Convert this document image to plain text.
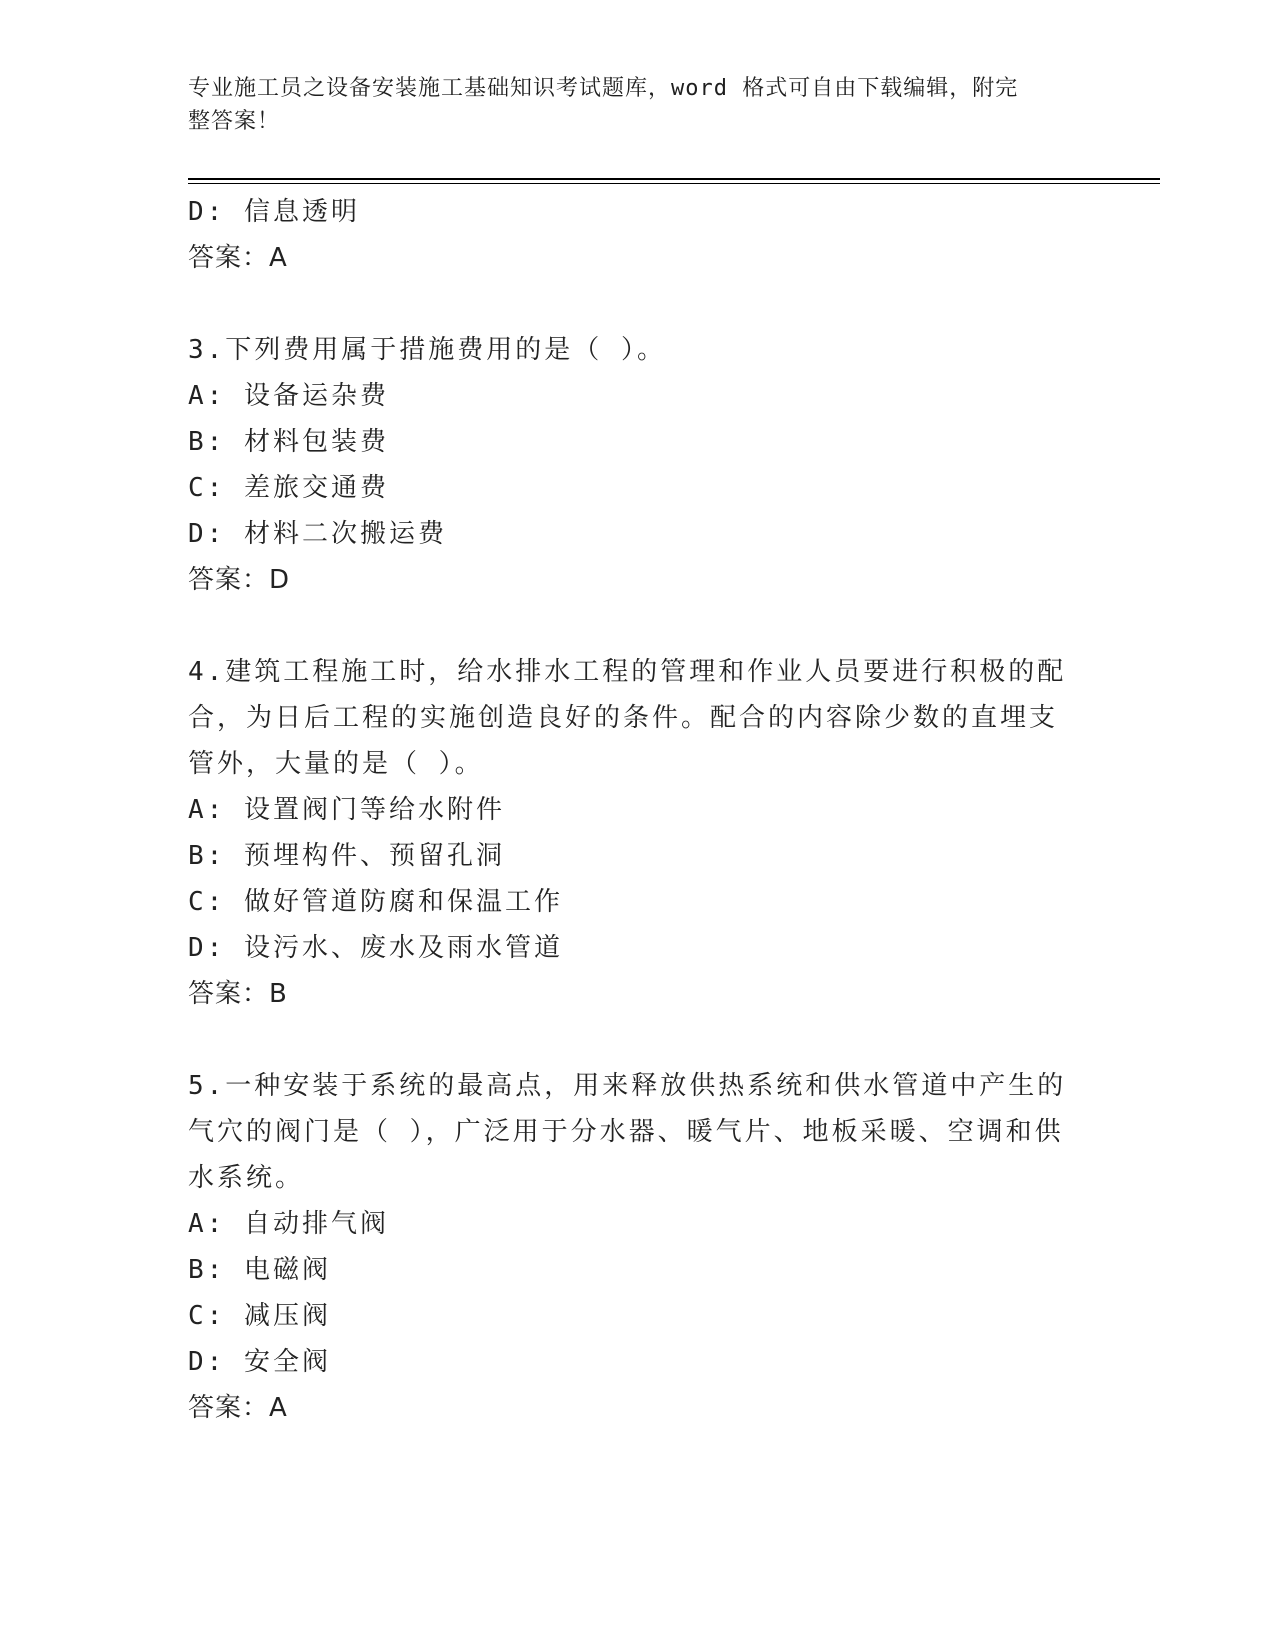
专业施工员之设备安装施工基础知识考试题库，word 格式可自由下载编辑，附完
整答案！
D: 信息透明
答案：A
3.下列费用属于措施费用的是（ ）。
A: 设备运杂费
B: 材料包装费
C: 差旅交通费
D: 材料二次搬运费
答案：D
4.建筑工程施工时，给水排水工程的管理和作业人员要进行积极的配
合，为日后工程的实施创造良好的条件。配合的内容除少数的直埋支
管外，大量的是（ ）。
A: 设置阀门等给水附件
B: 预埋构件、预留孔洞
C: 做好管道防腐和保温工作
D: 设污水、废水及雨水管道
答案：B
5.一种安装于系统的最高点，用来释放供热系统和供水管道中产生的
气穴的阀门是（ ），广泛用于分水器、暖气片、地板采暖、空调和供
水系统。
A: 自动排气阀
B: 电磁阀
C: 减压阀
D: 安全阀
答案：A
